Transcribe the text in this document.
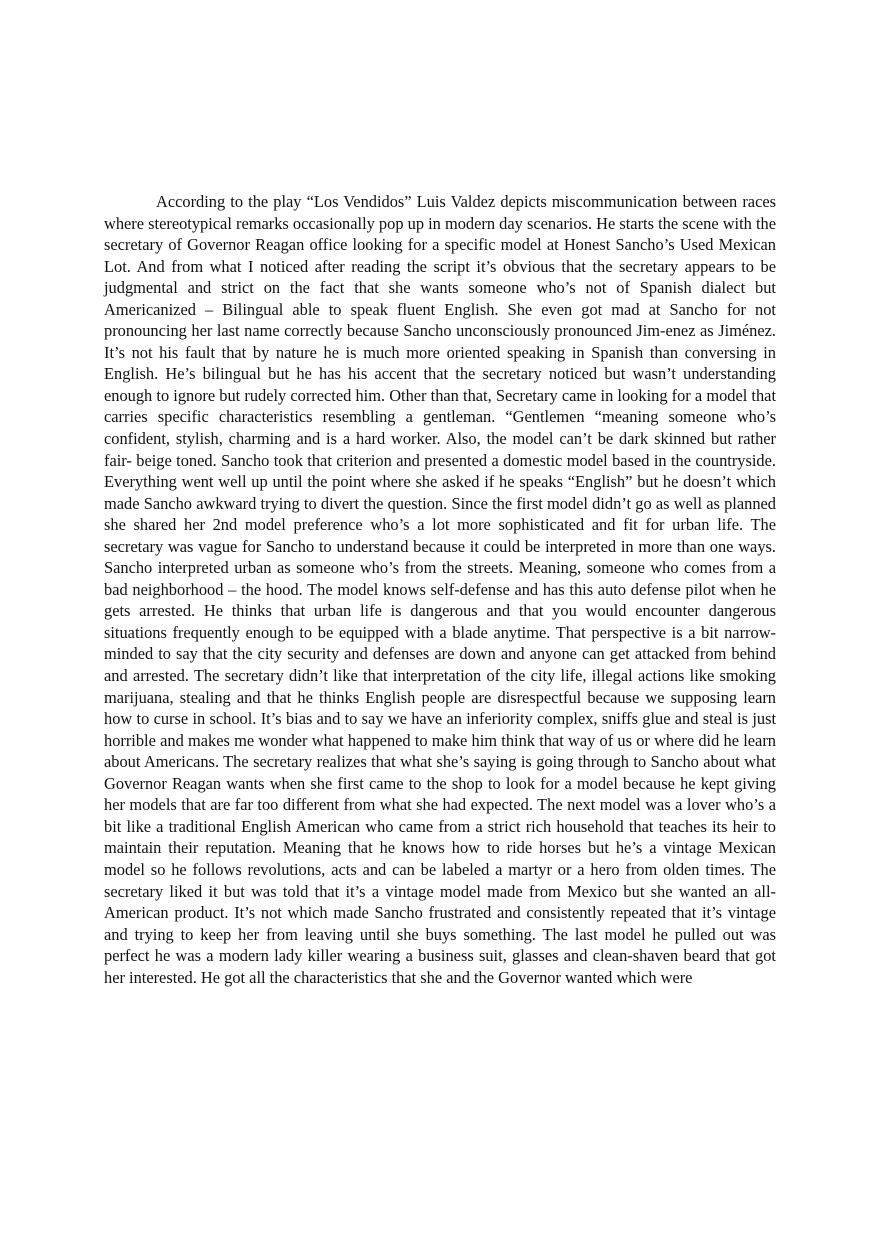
According to the play “Los Vendidos” Luis Valdez depicts miscommunication between races where stereotypical remarks occasionally pop up in modern day scenarios. He starts the scene with the secretary of Governor Reagan office looking for a specific model at Honest Sancho’s Used Mexican Lot. And from what I noticed after reading the script it’s obvious that the secretary appears to be judgmental and strict on the fact that she wants someone who’s not of Spanish dialect but Americanized – Bilingual able to speak fluent English. She even got mad at Sancho for not pronouncing her last name correctly because Sancho unconsciously pronounced Jim-enez as Jiménez. It’s not his fault that by nature he is much more oriented speaking in Spanish than conversing in English. He’s bilingual but he has his accent that the secretary noticed but wasn’t understanding enough to ignore but rudely corrected him. Other than that, Secretary came in looking for a model that carries specific characteristics resembling a gentleman. “Gentlemen “meaning someone who’s confident, stylish, charming and is a hard worker. Also, the model can’t be dark skinned but rather fair- beige toned. Sancho took that criterion and presented a domestic model based in the countryside. Everything went well up until the point where she asked if he speaks “English” but he doesn’t which made Sancho awkward trying to divert the question. Since the first model didn’t go as well as planned she shared her 2nd model preference who’s a lot more sophisticated and fit for urban life. The secretary was vague for Sancho to understand because it could be interpreted in more than one ways. Sancho interpreted urban as someone who’s from the streets. Meaning, someone who comes from a bad neighborhood – the hood. The model knows self-defense and has this auto defense pilot when he gets arrested. He thinks that urban life is dangerous and that you would encounter dangerous situations frequently enough to be equipped with a blade anytime. That perspective is a bit narrow-minded to say that the city security and defenses are down and anyone can get attacked from behind and arrested. The secretary didn’t like that interpretation of the city life, illegal actions like smoking marijuana, stealing and that he thinks English people are disrespectful because we supposing learn how to curse in school. It’s bias and to say we have an inferiority complex, sniffs glue and steal is just horrible and makes me wonder what happened to make him think that way of us or where did he learn about Americans. The secretary realizes that what she’s saying is going through to Sancho about what Governor Reagan wants when she first came to the shop to look for a model because he kept giving her models that are far too different from what she had expected. The next model was a lover who’s a bit like a traditional English American who came from a strict rich household that teaches its heir to maintain their reputation. Meaning that he knows how to ride horses but he’s a vintage Mexican model so he follows revolutions, acts and can be labeled a martyr or a hero from olden times. The secretary liked it but was told that it’s a vintage model made from Mexico but she wanted an all-American product. It’s not which made Sancho frustrated and consistently repeated that it’s vintage and trying to keep her from leaving until she buys something. The last model he pulled out was perfect he was a modern lady killer wearing a business suit, glasses and clean-shaven beard that got her interested. He got all the characteristics that she and the Governor wanted which were
